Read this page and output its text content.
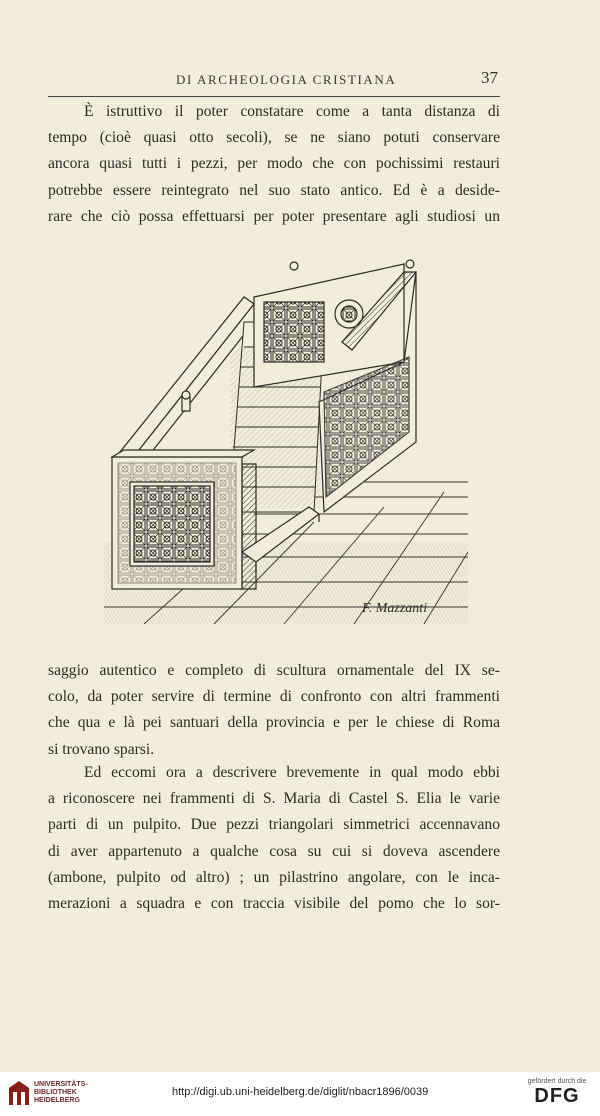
DI ARCHEOLOGIA CRISTIANA	37

È istruttivo il poter constatare come a tanta distanza di
tempo (cioè quasi otto secoli), se ne siano potuti conservare
ancora quasi tutti i pezzi, per modo che con pochissimi restauri
potrebbe essere reintegrato nel suo stato antico. Ed è a deside-
rare che ciò possa effettuarsi per poter presentare agli studiosi un

F. Mazzanti

saggio autentico e completo di scultura ornamentale del IX se-
colo, da poter servire di termine di confronto con altri frammenti
che qua e là pei santuari della provincia e per le chiese di Roma
si trovano sparsi.

Ed eccomi ora a descrivere brevemente in qual modo ebbi
a riconoscere nei frammenti di S. Maria di Castel S. Elia le varie
parti di un pulpito. Due pezzi triangolari simmetrici accennavano
di aver appartenuto a qualche cosa su cui si doveva ascendere
(ambone, pulpito od altro) ; un pilastrino angolare, con le inca-
merazioni a squadra e con traccia visibile del pomo che lo sor-

UNIVERSITÄTS-
BIBLIOTHEK
HEIDELBERG
http://digi.ub.uni-heidelberg.de/diglit/nbacr1896/0039
gefördert durch die
DFG
